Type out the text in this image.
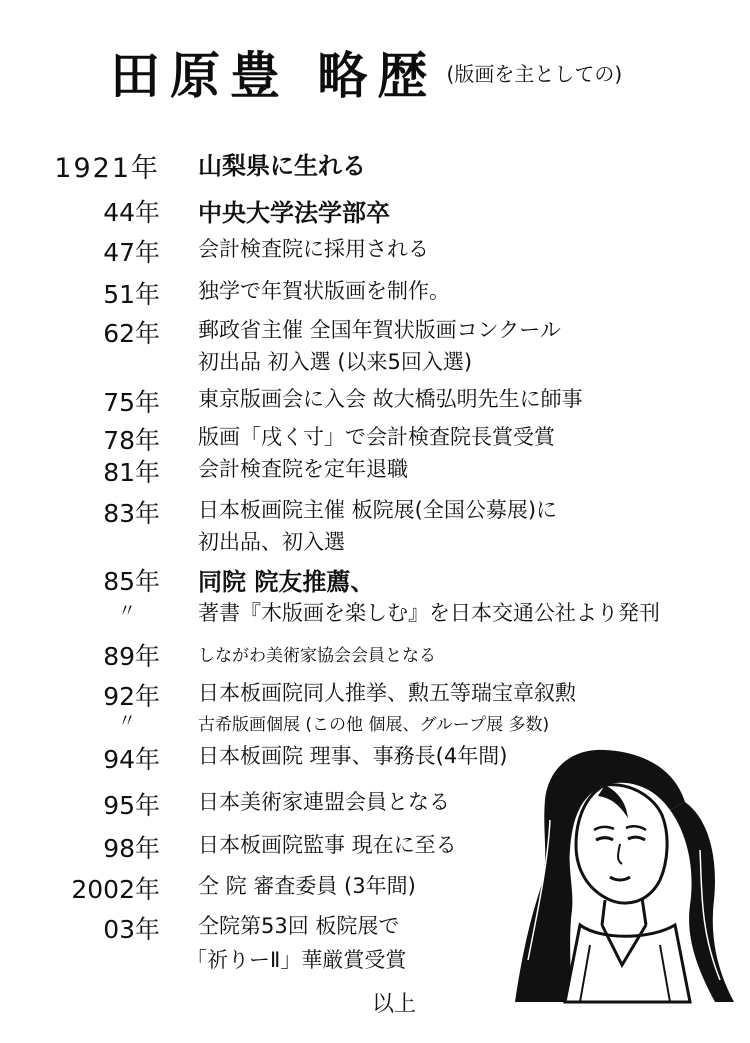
田原豊 略歴 (版画を主としての)
1921年 山梨県に生れる
44年 中央大学法学部卒
47年 会計検査院に採用される
51年 独学で年賀状版画を制作。
62年 郵政省主催 全国年賀状版画コンクール
初出品 初入選 (以来5回入選)
75年 東京版画会に入会 故大橋弘明先生に師事
78年 版画「戌く寸」で会計検査院長賞受賞
81年 会計検査院を定年退職
83年 日本板画院主催 板院展(全国公募展)に
初出品、初入選
85年 同院 院友推薦、
〃	著書『木版画を楽しむ』を日本交通公社より発刊
89年 しながわ美術家協会会員となる
92年 日本板画院同人推挙、勲五等瑞宝章叙勲
〃	古希版画個展 (この他 個展、グループ展 多数)
94年 日本板画院 理事、事務長(4年間)
95年 日本美術家連盟会員となる
98年 日本板画院監事 現在に至る
2002年 仝 院 審査委員 (3年間)
03年 仝院第53回 板院展で
「祈りーⅡ」華厳賞受賞
以上
